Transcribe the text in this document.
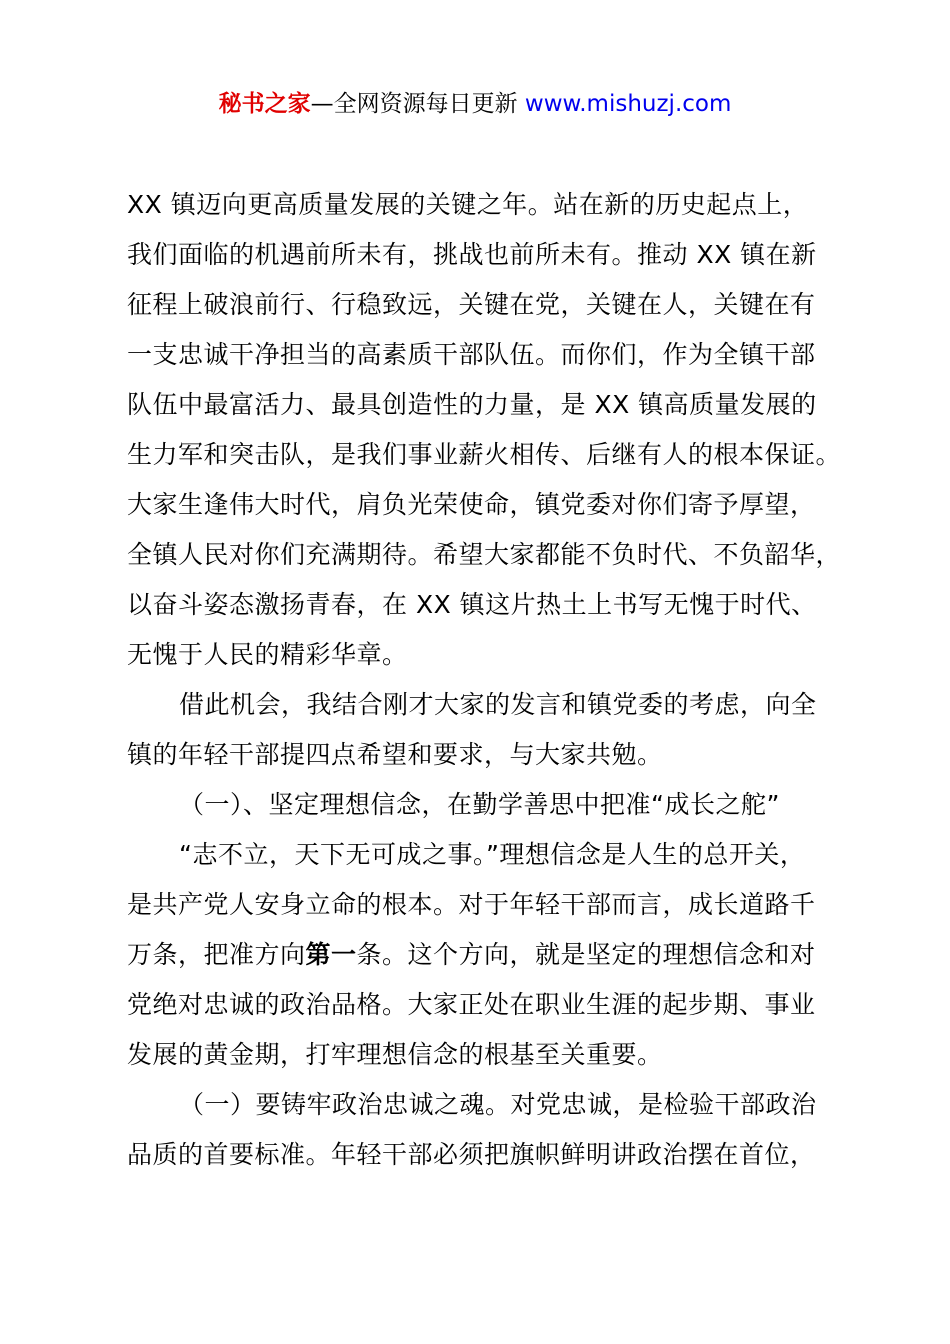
秘书之家—全网资源每日更新 www.mishuzj.com
XX 镇迈向更高质量发展的关键之年。站在新的历史起点上，
我们面临的机遇前所未有，挑战也前所未有。推动 XX 镇在新
征程上破浪前行、行稳致远，关键在党，关键在人，关键在有
一支忠诚干净担当的高素质干部队伍。而你们，作为全镇干部
队伍中最富活力、最具创造性的力量，是 XX 镇高质量发展的
生力军和突击队，是我们事业薪火相传、后继有人的根本保证。
大家生逢伟大时代，肩负光荣使命，镇党委对你们寄予厚望，
全镇人民对你们充满期待。希望大家都能不负时代、不负韶华，
以奋斗姿态激扬青春，在 XX 镇这片热土上书写无愧于时代、
无愧于人民的精彩华章。
借此机会，我结合刚才大家的发言和镇党委的考虑，向全
镇的年轻干部提四点希望和要求，与大家共勉。
（一）、坚定理想信念，在勤学善思中把准“成长之舵”
“志不立，天下无可成之事。”理想信念是人生的总开关，
是共产党人安身立命的根本。对于年轻干部而言，成长道路千
万条，把准方向第一条。这个方向，就是坚定的理想信念和对
党绝对忠诚的政治品格。大家正处在职业生涯的起步期、事业
发展的黄金期，打牢理想信念的根基至关重要。
（一）要铸牢政治忠诚之魂。对党忠诚，是检验干部政治
品质的首要标准。年轻干部必须把旗帜鲜明讲政治摆在首位，
